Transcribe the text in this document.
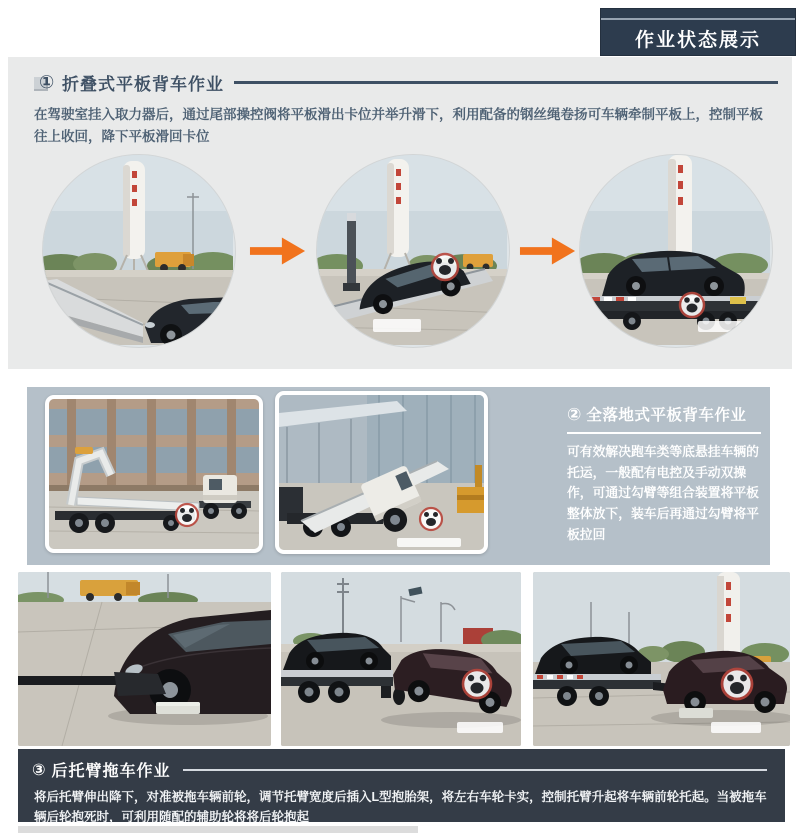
作业状态展示
① 折叠式平板背车作业

在驾驶室挂入取力器后，通过尾部操控阀将平板滑出卡位并举升滑下，利用配备的钢丝绳卷扬可车辆牵制平板上，控制平板往上收回，降下平板滑回卡位

② 全落地式平板背车作业

可有效解决跑车类等底悬挂车辆的托运，一般配有电控及手动双操作，可通过勾臂等组合装置将平板整体放下，装车后再通过勾臂将平板拉回

③ 后托臂拖车作业

将后托臂伸出降下，对准被拖车辆前轮，调节托臂宽度后插入L型抱胎架，将左右车轮卡实，控制托臂升起将车辆前轮托起。当被拖车辆后轮抱死时，可利用随配的辅助轮将将后轮抱起
